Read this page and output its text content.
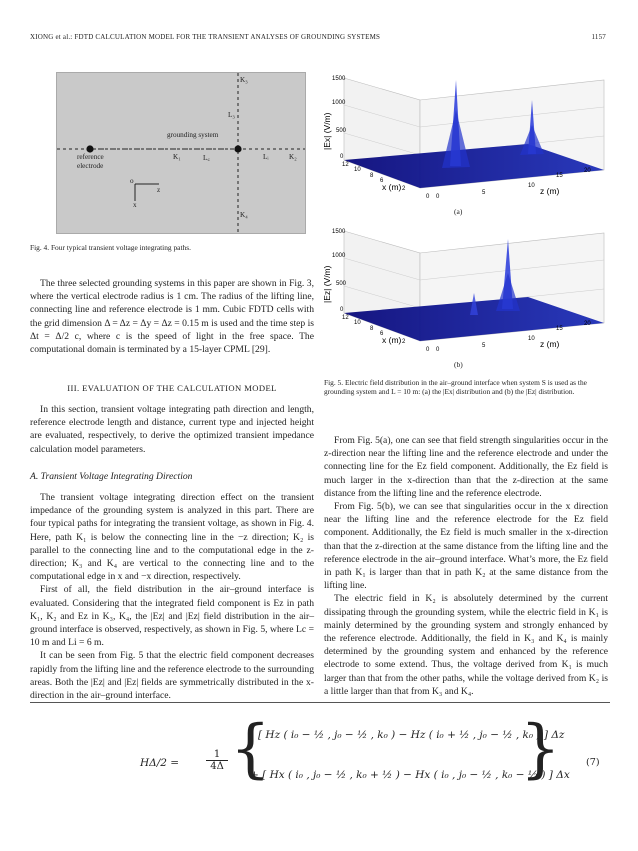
XIONG et al.: FDTD CALCULATION MODEL FOR THE TRANSIENT ANALYSES OF GROUNDING SYSTEMS	1157
K₃
L₃
grounding system
reference
electrode
K₁	L꜀	Lᵢ	K₂
K₄
o
z
x
Fig. 4. Four typical transient voltage integrating paths.

The three selected grounding systems in this paper are shown in Fig. 3, where the vertical electrode radius is 1 cm. The radius of the lifting line, connecting line and reference electrode is 1 mm. Cubic FDTD cells with the grid dimension Δ = Δz = Δy = Δz = 0.15 m is used and the time step is Δt = Δ/2 c, where c is the speed of light in the free space. The computational domain is terminated by a 15-layer CPML [29].

III. EVALUATION OF THE CALCULATION MODEL

In this section, transient voltage integrating path direction and length, reference electrode length and distance, current type and injected height are evaluated, respectively, to derive the optimized transient impedance calculation model parameters.

A. Transient Voltage Integrating Direction

The transient voltage integrating direction effect on the transient impedance of the grounding system is analyzed in this part. There are four typical paths for integrating the transient voltage, as shown in Fig. 4. Here, path K₁ is below the connecting line in the −z direction; K₂ is parallel to the connecting line and to the computational edge in the z-direction; K₃ and K₄ are vertical to the connecting line and to the computational edge in x and −x direction, respectively.

First of all, the field distribution in the air–ground interface is evaluated. Considering that the integrated field component is Ez in path K₁, K₂ and Ez in K₃, K₄, the |Ez| and |Ez| field distribution in the air–ground interface is observed, respectively, as shown in Fig. 5, where Lc = 10 m and Li = 6 m.

It can be seen from Fig. 5 that the electric field component decreases rapidly from the lifting line and the reference electrode to the surrounding areas. Both the |Ez| and |Ez| fields are symmetrically distributed in the x-direction in the air–ground interface.

1500
1000
500
0
12
10
8
6
2
0 0
5
10
15
20
x (m)	z (m)
|Ex| (V/m)
(a)
1500
1000
500
0
12
10
8
6
2
0 0
5
10
15
20
x (m)	z (m)
|Ez| (V/m)
(b)
Fig. 5. Electric field distribution in the air–ground interface when system S is used as the grounding system and L = 10 m: (a) the |Ex| distribution and (b) the |Ez| distribution.

From Fig. 5(a), one can see that field strength singularities occur in the z-direction near the lifting line and the reference electrode and under the connecting line for the Ez field component. Additionally, the Ez field is much larger in the x-direction than that the z-direction at the same distance from the lifting line and the reference electrode.

From Fig. 5(b), we can see that singularities occur in the x direction near the lifting line and the reference electrode for the Ez field component. Additionally, the Ez field is much smaller in the x-direction than that the z-direction at the same distance from the lifting line and the reference electrode in the air–ground interface. What’s more, the Ez field in path K₁ is larger than that in path K₂ at the same distance from the lifting line.

The electric field in K₂ is absolutely determined by the current dissipating through the grounding system, while the electric field in K₁ is mainly determined by the grounding system and strongly enhanced by the reference electrode. Additionally, the field in K₃ and K₄ is mainly determined by the grounding system and enhanced by the reference electrode to some extend. Thus, the voltage derived from K₁ is much larger than that from the other paths, while the voltage derived from K₂ is a little larger than that from K₃ and K₄.

HΔ/2 =	$\frac{1}{4\Delta}$ {
[ Hz ( i₀ − ½ , j₀ − ½ , k₀ ) − Hz ( i₀ + ½ , j₀ − ½ , k₀ ) ] Δz
+ [ Hx ( i₀ , j₀ − ½ , k₀ + ½ ) − Hx ( i₀ , j₀ − ½ , k₀ − ½ ) ] Δx
}	(7)
